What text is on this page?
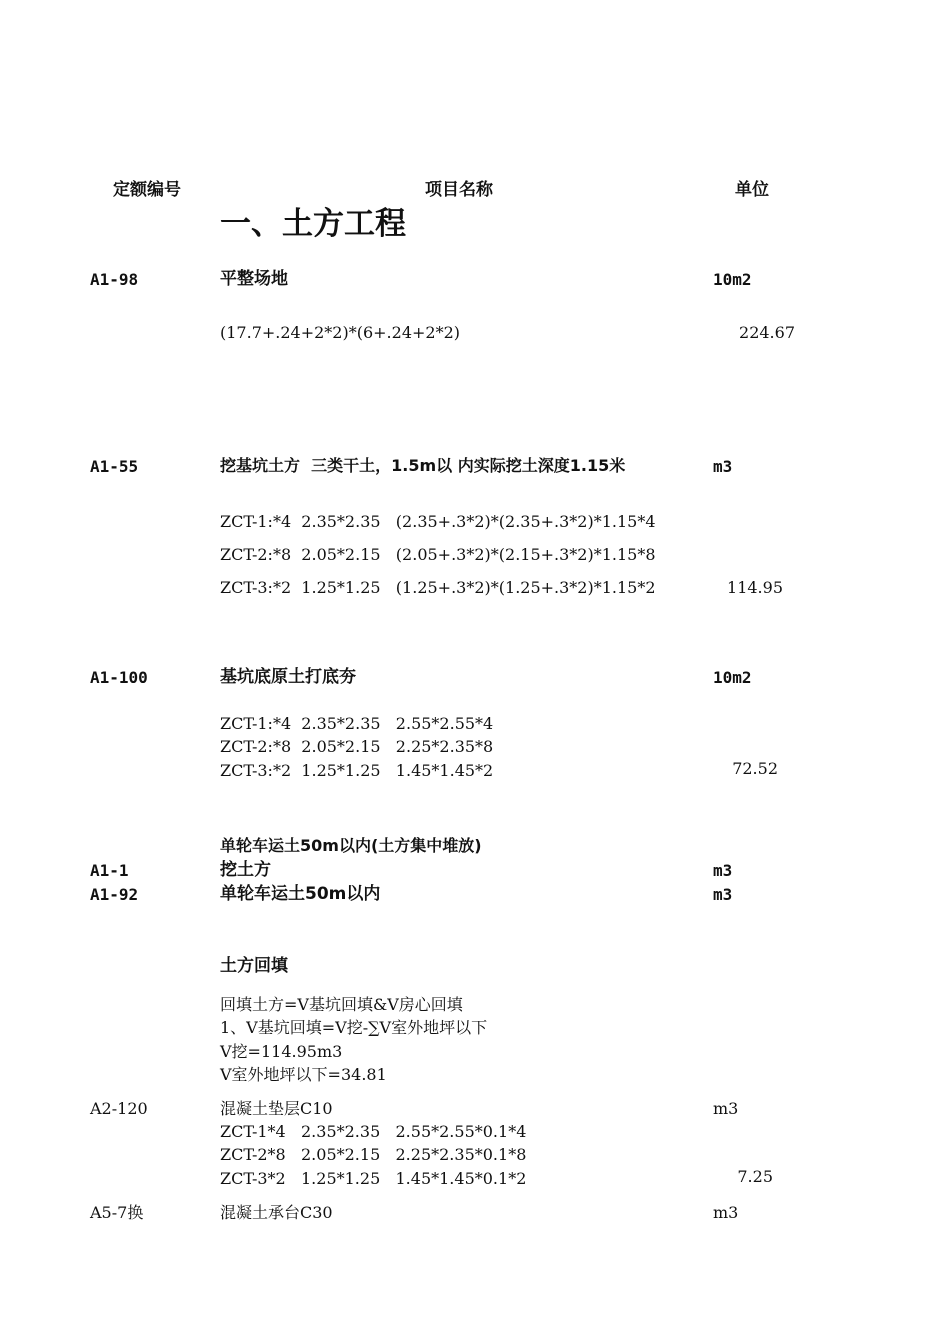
定额编号	项目名称	单位
一、土方工程
A1-98	平整场地	10m2
(17.7+.24+2*2)*(6+.24+2*2)	224.67
A1-55	挖基坑土方  三类干土，1.5m以 内实际挖土深度1.15米	m3
ZCT-1:*4  2.35*2.35   (2.35+.3*2)*(2.35+.3*2)*1.15*4
ZCT-2:*8  2.05*2.15   (2.05+.3*2)*(2.15+.3*2)*1.15*8
ZCT-3:*2  1.25*1.25   (1.25+.3*2)*(1.25+.3*2)*1.15*2	114.95
A1-100	基坑底原土打底夯	10m2
ZCT-1:*4  2.35*2.35   2.55*2.55*4
ZCT-2:*8  2.05*2.15   2.25*2.35*8
ZCT-3:*2  1.25*1.25   1.45*1.45*2	72.52
单轮车运土50m以内(土方集中堆放)
A1-1	挖土方	m3
A1-92	单轮车运土50m以内	m3
土方回填
回填土方=V基坑回填&V房心回填
1、V基坑回填=V挖-∑V室外地坪以下
V挖=114.95m3
V室外地坪以下=34.81
A2-120	混凝土垫层C10	m3
ZCT-1*4   2.35*2.35   2.55*2.55*0.1*4
ZCT-2*8   2.05*2.15   2.25*2.35*0.1*8
ZCT-3*2   1.25*1.25   1.45*1.45*0.1*2	7.25
A5-7换	混凝土承台C30	m3
